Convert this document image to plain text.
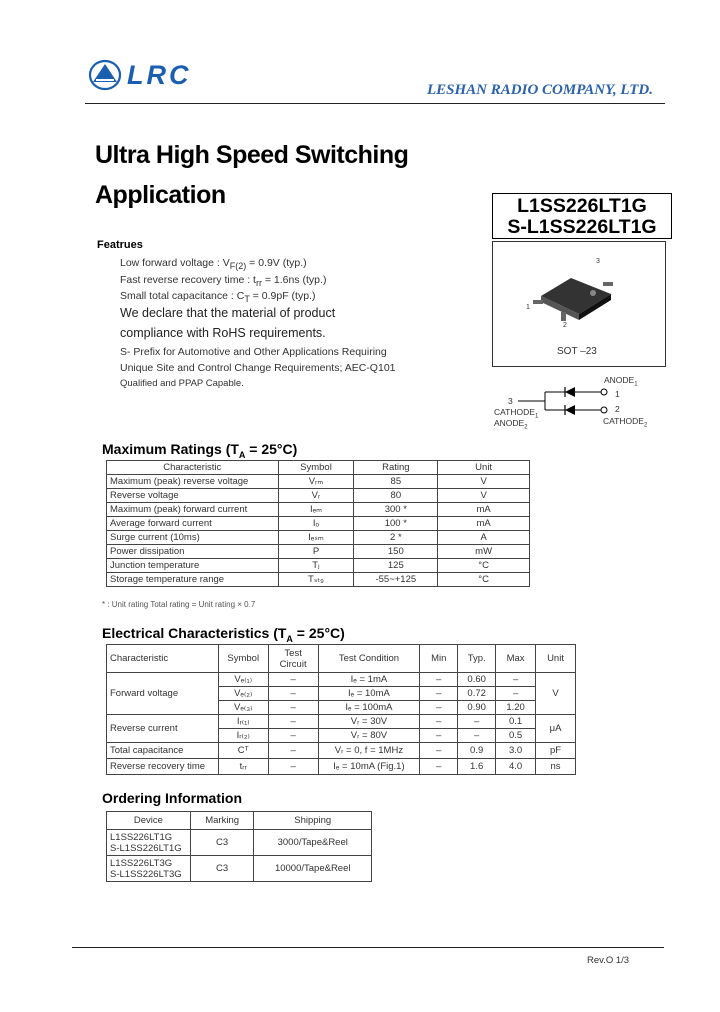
LRC	LESHAN RADIO COMPANY, LTD.
Ultra High Speed Switching
Application	L1SS226LT1G
S-L1SS226LT1G
Featrues
Low forward voltage : VF(2) = 0.9V (typ.)
Fast reverse recovery time : trr = 1.6ns (typ.)
Small total capacitance : CT = 0.9pF (typ.)
We declare that the material of product
compliance with RoHS requirements.
S- Prefix for Automotive and Other Applications Requiring
Unique Site and Control Change Requirements; AEC-Q101
Qualified and PPAP Capable.
3
1
2
SOT –23
$ANODE_1$
1
2
3
$CATHODE_1$
$ANODE_2$
$CATHODE_2$
Maximum Ratings $(T_A = 25^\circ C)$
Characteristic	Symbol	Rating	Unit
Maximum (peak) reverse voltage	Vᵣₘ	85	V
Reverse voltage	Vᵣ	80	V
Maximum (peak) forward current	Iₑₘ	300 *	mA
Average forward current	Iₒ	100 *	mA
Surge current (10ms)	Iₑₛₘ	2 *	A
Power dissipation	P	150	mW
Junction temperature	Tⱼ	125	°C
Storage temperature range	Tₛₜ₉	-55~+125	°C
* : Unit rating Total rating = Unit rating × 0.7
Electrical Characteristics $(T_A = 25^\circ C)$
Characteristic	Symbol	Test Circuit	Test Condition	Min	Typ.	Max	Unit
Forward voltage	Vₑ₍₁₎	–	Iₑ = 1mA	–	0.60	–	V
	Vₑ₍₂₎	–	Iₑ = 10mA	–	0.72	–	
	Vₑ₍₃₎	–	Iₑ = 100mA	–	0.90	1.20	
Reverse current	Iᵣ₍₁₎	–	Vᵣ = 30V	–	–	0.1	μA
	Iᵣ₍₂₎	–	Vᵣ = 80V	–	–	0.5	
Total capacitance	Cᵀ	–	Vᵣ = 0, f = 1MHz	–	0.9	3.0	pF
Reverse recovery time	tᵣᵣ	–	Iₑ = 10mA (Fig.1)	–	1.6	4.0	ns
Ordering Information
Device	Marking	Shipping

L1SS226LT1G
S-L1SS226LT1G	C3	3000/Tape&Reel

L1SS226LT3G
S-L1SS226LT3G	C3	10000/Tape&Reel
Rev.O 1/3
